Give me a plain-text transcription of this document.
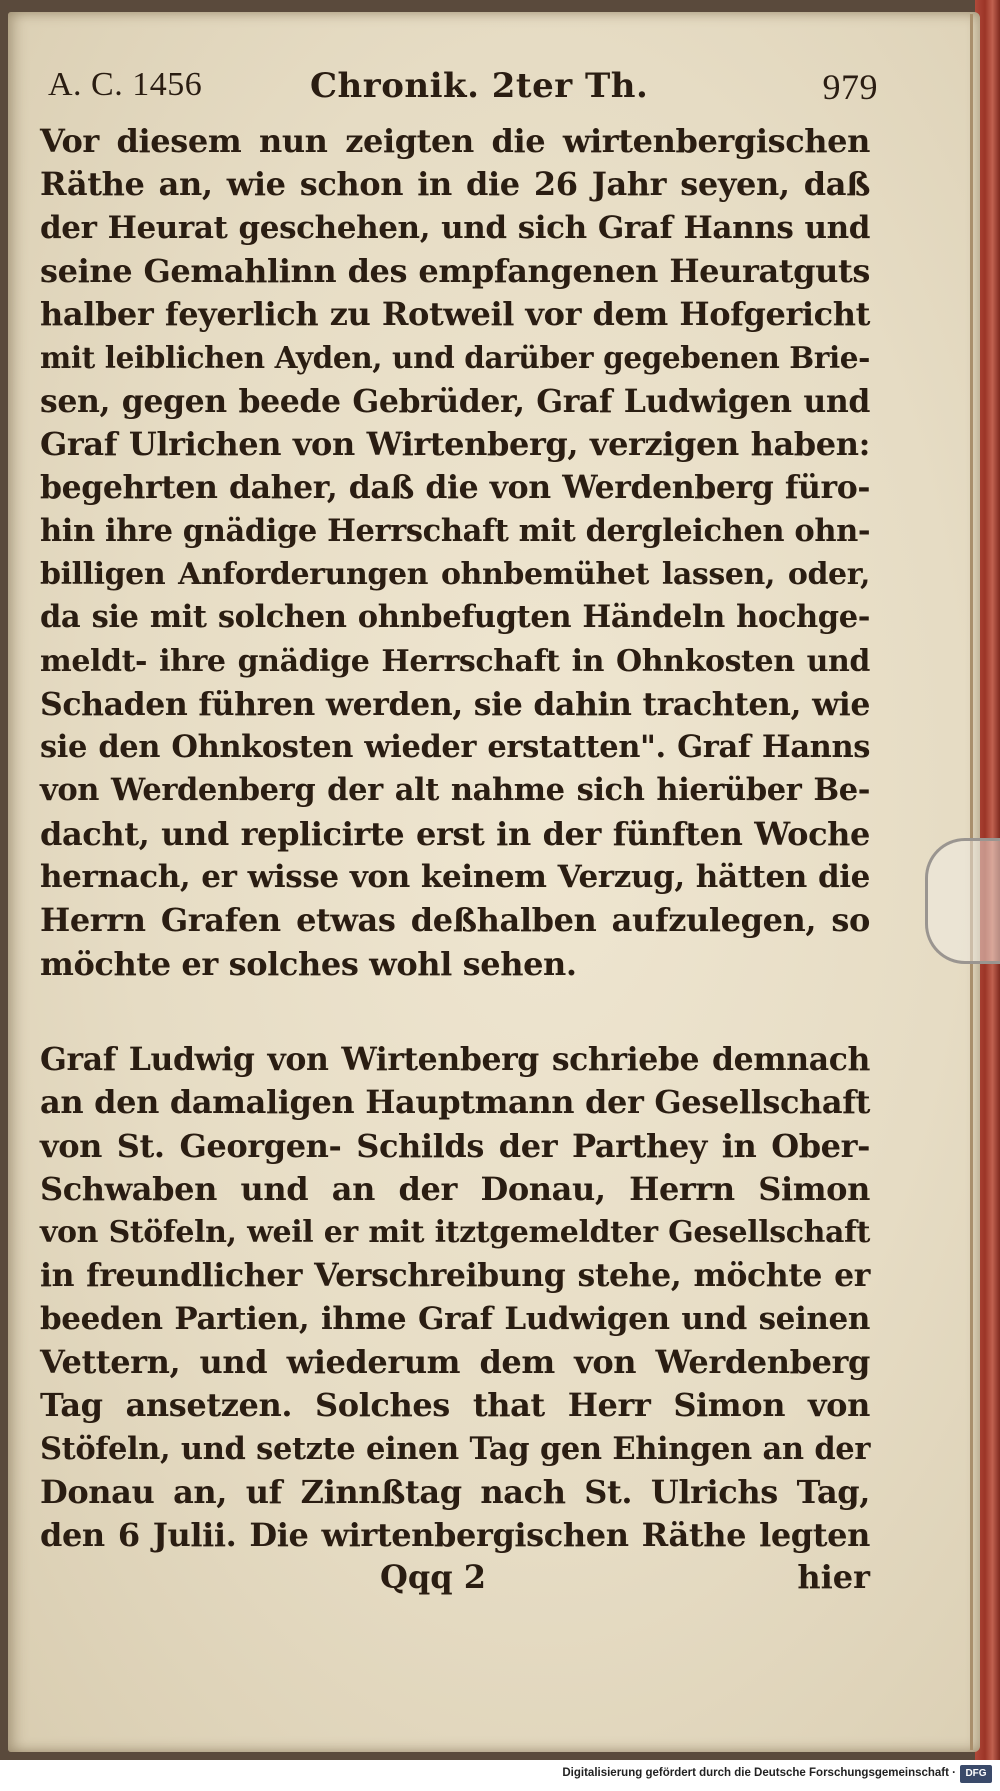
A. C. 1456	Chronik. 2ter Th.	979

Vor diesem nun zeigten die wirtenbergischen
Räthe an, wie schon in die 26 Jahr seyen, daß
der Heurat geschehen, und sich Graf Hanns und
seine Gemahlinn des empfangenen Heuratguts
halber feyerlich zu Rotweil vor dem Hofgericht
mit leiblichen Ayden, und darüber gegebenen Brie-
sen, gegen beede Gebrüder, Graf Ludwigen und
Graf Ulrichen von Wirtenberg, verzigen haben:
begehrten daher, daß die von Werdenberg füro-
hin ihre gnädige Herrschaft mit dergleichen ohn-
billigen Anforderungen ohnbemühet lassen, oder,
da sie mit solchen ohnbefugten Händeln hochge-
meldt- ihre gnädige Herrschaft in Ohnkosten und
Schaden führen werden, sie dahin trachten, wie
sie den Ohnkosten wieder erstatten". Graf Hanns
von Werdenberg der alt nahme sich hierüber Be-
dacht, und replicirte erst in der fünften Woche
hernach, er wisse von keinem Verzug, hätten die
Herrn Grafen etwas deßhalben aufzulegen, so
möchte er solches wohl sehen.

Graf Ludwig von Wirtenberg schriebe demnach
an den damaligen Hauptmann der Gesellschaft
von St. Georgen- Schilds der Parthey in Ober-
Schwaben und an der Donau, Herrn Simon
von Stöfeln, weil er mit itztgemeldter Gesellschaft
in freundlicher Verschreibung stehe, möchte er
beeden Partien, ihme Graf Ludwigen und seinen
Vettern, und wiederum dem von Werdenberg
Tag ansetzen. Solches that Herr Simon von
Stöfeln, und setzte einen Tag gen Ehingen an der
Donau an, uf Zinnßtag nach St. Ulrichs Tag,
den 6 Julii. Die wirtenbergischen Räthe legten

Qqq 2	hier
Digitalisierung gefördert durch die Deutsche Forschungsgemeinschaft · DFG
